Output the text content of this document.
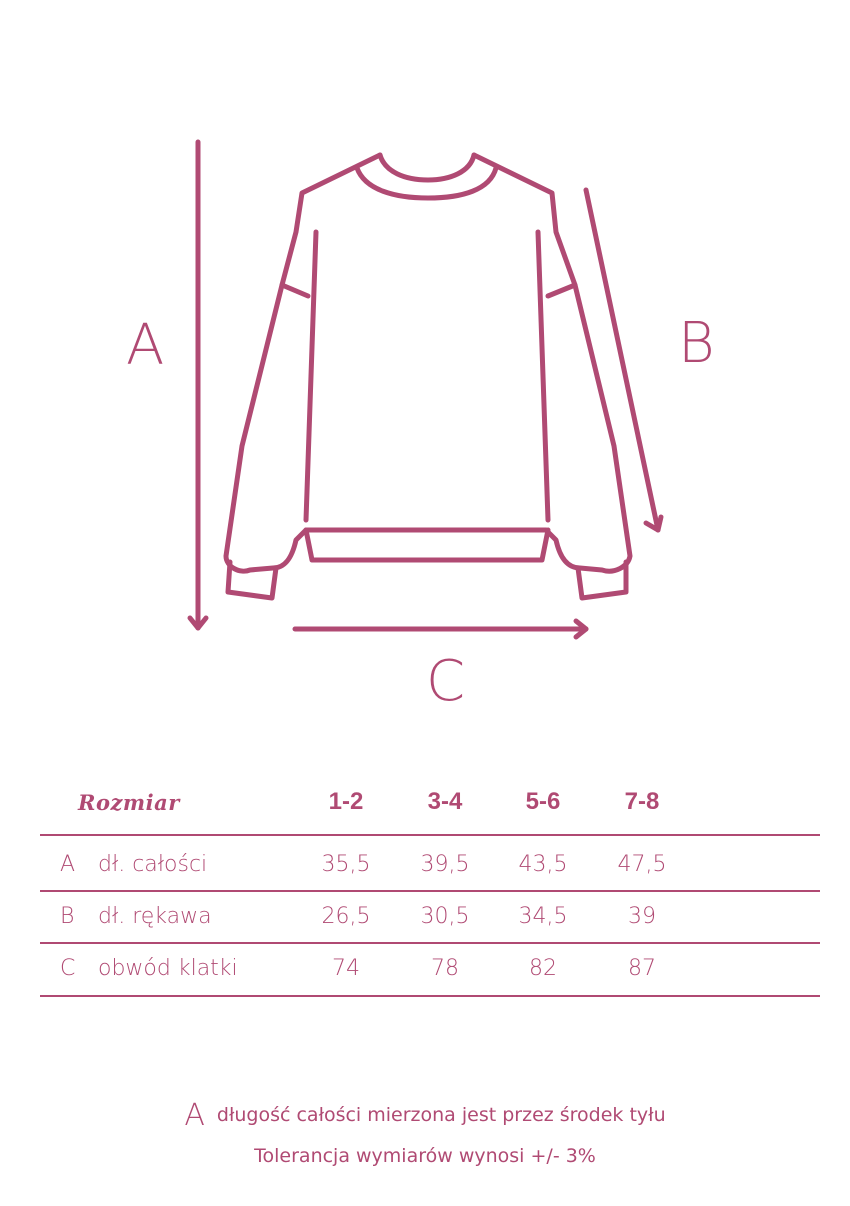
A	B
C
Rozmiar	1-2	3-4	5-6	7-8
A dł. całości	35,5	39,5	43,5	47,5
B dł. rękawa	26,5	30,5	34,5	39
C obwód klatki	74	78	82	87
Adługość całości mierzona jest przez środek tyłu
Tolerancja wymiarów wynosi +/- 3%
